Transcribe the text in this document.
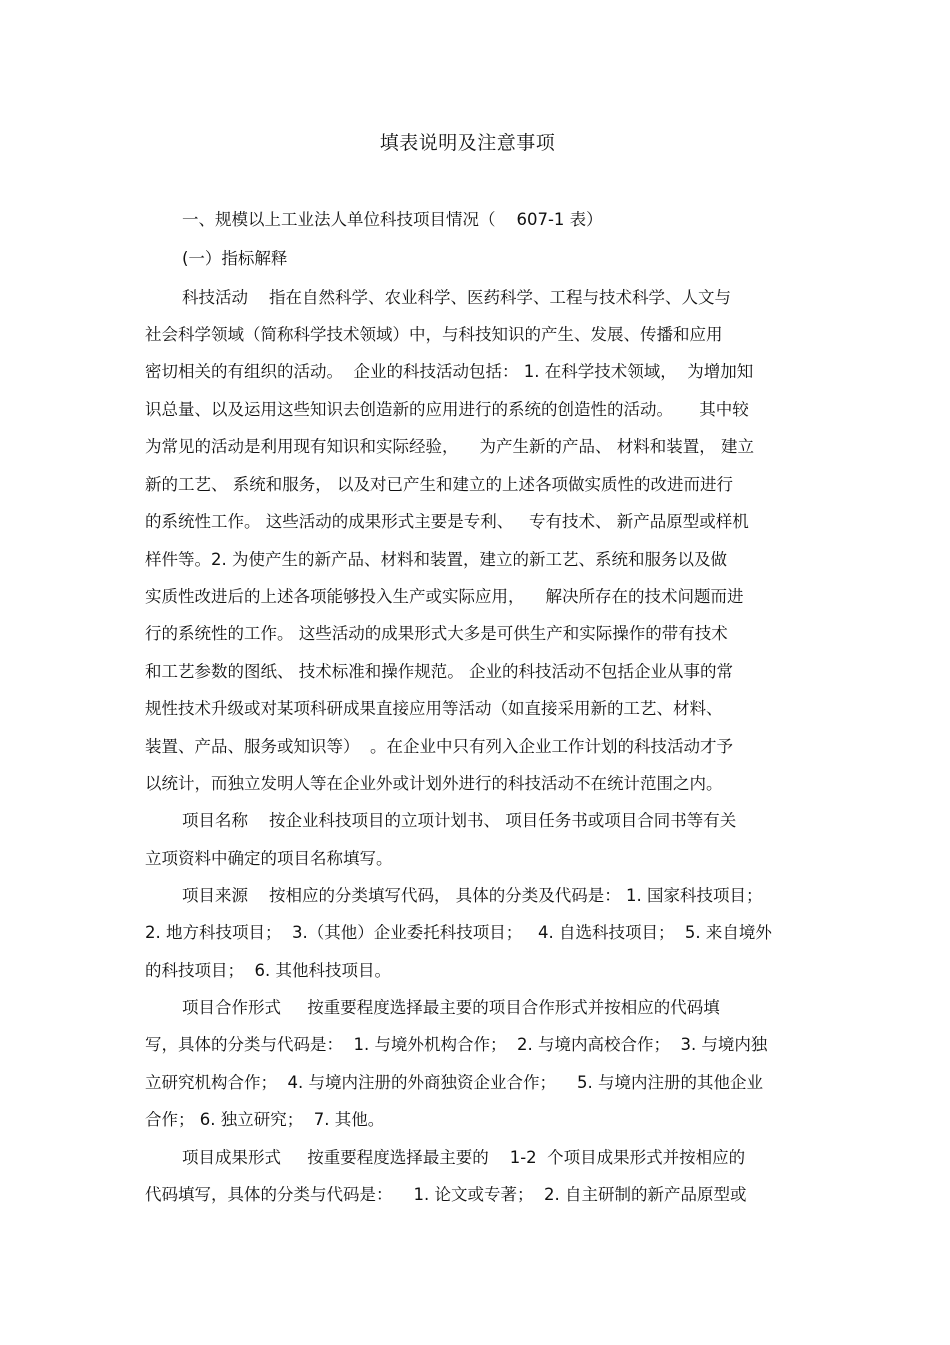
填表说明及注意事项
一、规模以上工业法人单位科技项目情况（    607-1 表）
(一）指标解释
科技活动    指在自然科学、农业科学、医药科学、工程与技术科学、人文与
社会科学领域（简称科学技术领域）中，与科技知识的产生、发展、传播和应用
密切相关的有组织的活动。  企业的科技活动包括： 1. 在科学技术领域，  为增加知
识总量、以及运用这些知识去创造新的应用进行的系统的创造性的活动。     其中较
为常见的活动是利用现有知识和实际经验，    为产生新的产品、 材料和装置， 建立
新的工艺、 系统和服务， 以及对已产生和建立的上述各项做实质性的改进而进行
的系统性工作。 这些活动的成果形式主要是专利、   专有技术、 新产品原型或样机
样件等。2. 为使产生的新产品、材料和装置，建立的新工艺、系统和服务以及做
实质性改进后的上述各项能够投入生产或实际应用，    解决所存在的技术问题而进
行的系统性的工作。 这些活动的成果形式大多是可供生产和实际操作的带有技术
和工艺参数的图纸、 技术标准和操作规范。 企业的科技活动不包括企业从事的常
规性技术升级或对某项科研成果直接应用等活动（如直接采用新的工艺、材料、
装置、产品、服务或知识等）  。在企业中只有列入企业工作计划的科技活动才予
以统计，而独立发明人等在企业外或计划外进行的科技活动不在统计范围之内。
项目名称    按企业科技项目的立项计划书、 项目任务书或项目合同书等有关
立项资料中确定的项目名称填写。
项目来源    按相应的分类填写代码， 具体的分类及代码是： 1. 国家科技项目；
2. 地方科技项目；  3.（其他）企业委托科技项目；   4. 自选科技项目；  5. 来自境外
的科技项目；  6. 其他科技项目。
项目合作形式     按重要程度选择最主要的项目合作形式并按相应的代码填
写，具体的分类与代码是：  1. 与境外机构合作；  2. 与境内高校合作；  3. 与境内独
立研究机构合作；  4. 与境内注册的外商独资企业合作；    5. 与境内注册的其他企业
合作； 6. 独立研究；  7. 其他。
项目成果形式     按重要程度选择最主要的    1-2  个项目成果形式并按相应的
代码填写，具体的分类与代码是：    1. 论文或专著；  2. 自主研制的新产品原型或
